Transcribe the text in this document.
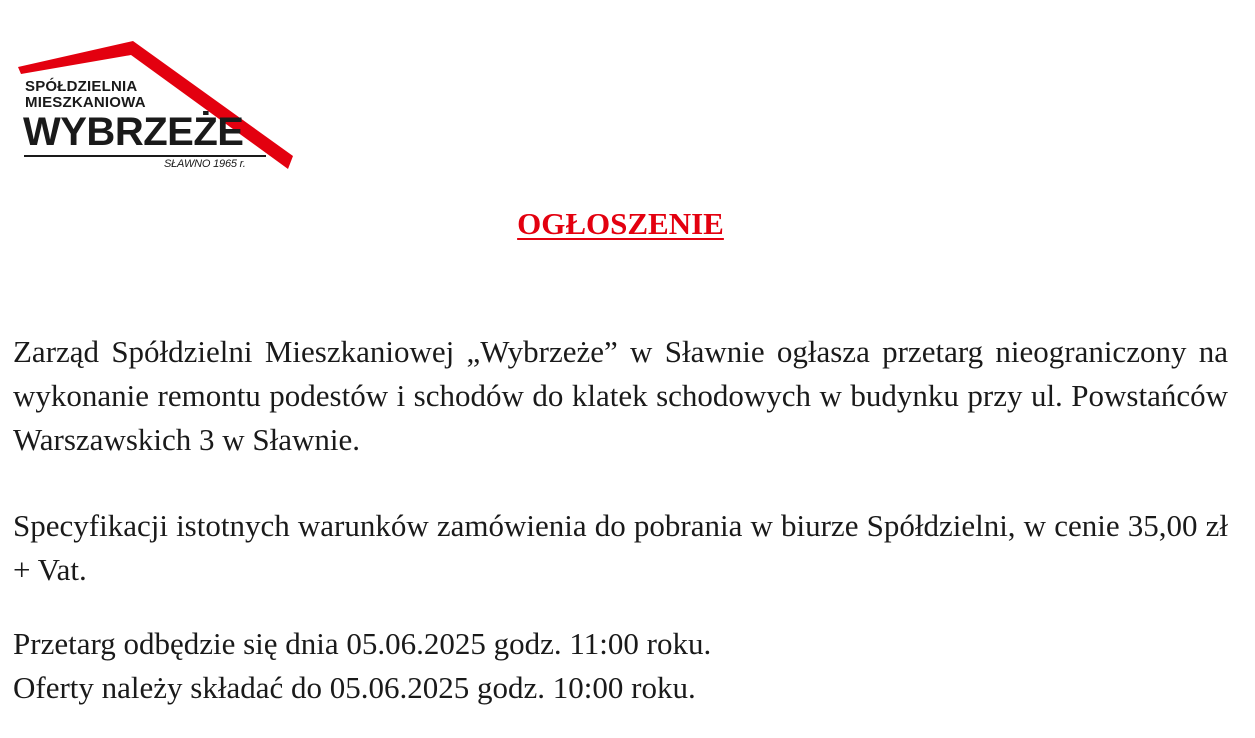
SPÓŁDZIELNIA
MIESZKANIOWA
WYBRZEŻE
SŁAWNO 1965 r.
OGŁOSZENIE

Zarząd Spółdzielni Mieszkaniowej „Wybrzeże” w Sławnie ogłasza przetarg nieograniczony na wykonanie remontu podestów i schodów do klatek schodowych w budynku przy ul. Powstańców Warszawskich 3 w Sławnie.

Specyfikacji istotnych warunków zamówienia do pobrania w biurze Spółdzielni, w cenie 35,00 zł + Vat.

Przetarg odbędzie się dnia 05.06.2025 godz. 11:00 roku.
Oferty należy składać do 05.06.2025 godz. 10:00 roku.
